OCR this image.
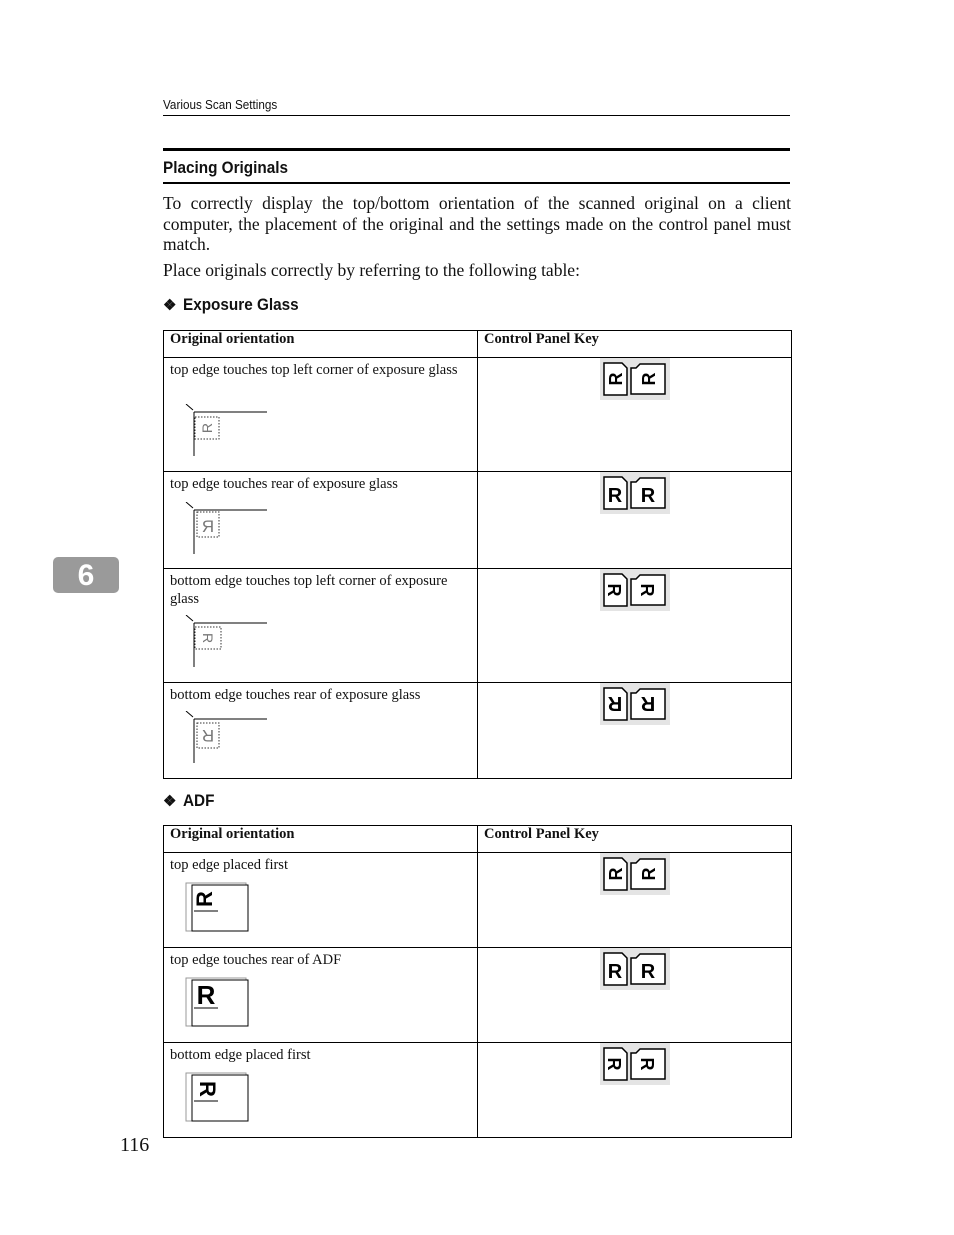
Various Scan Settings
Placing Originals

To correctly display the top/bottom orientation of the scanned original on a client computer, the placement of the original and the settings made on the control panel must match.

Place originals correctly by referring to the following table:

❖ Exposure Glass
Original orientation	Control Panel Key

top edge touches top left corner of exposure glass
R	R R

top edge touches rear of exposure glass
R	R R

bottom edge touches top left corner of exposure glass
R	R R

bottom edge touches rear of exposure glass
R	R R
❖ ADF
Original orientation	Control Panel Key

top edge placed first
R	R R

top edge touches rear of ADF
R	R R

bottom edge placed first
R	R R
6
116
